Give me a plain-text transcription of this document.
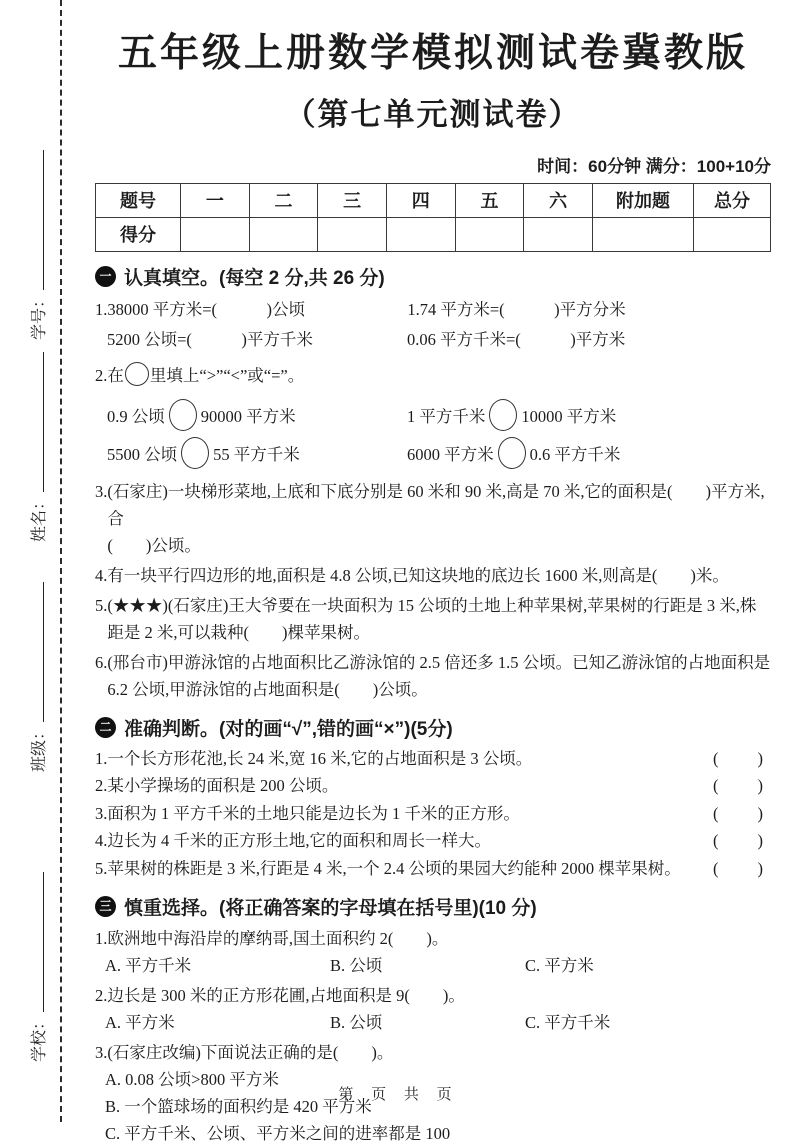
学号：
姓名：
班级：
学校：
五年级上册数学模拟测试卷冀教版
（第七单元测试卷）
时间：60分钟 满分：100+10分
题号	一	二	三	四	五	六	附加题	总分
得分								
一 认真填空。(每空 2 分,共 26 分)
1. 38000 平方米=(　　　)公顷	1.74 平方米=(　　　)平方分米
5200 公顷=(　　　)平方千米	0.06 平方千米=(　　　)平方米
2. 在 里填上“>”“<”或“=”。
0.9 公顷 90000 平方米	1 平方千米 10000 平方米
5500 公顷 55 平方千米	6000 平方米 0.6 平方千米
3. (石家庄)一块梯形菜地,上底和下底分别是 60 米和 90 米,高是 70 米,它的面积是(　　)平方米,合
(　　)公顷。
4. 有一块平行四边形的地,面积是 4.8 公顷,已知这块地的底边长 1600 米,则高是(　　)米。
5. (★★★)(石家庄)王大爷要在一块面积为 15 公顷的土地上种苹果树,苹果树的行距是 3 米,株
距是 2 米,可以栽种(　　)棵苹果树。
6. (邢台市)甲游泳馆的占地面积比乙游泳馆的 2.5 倍还多 1.5 公顷。已知乙游泳馆的占地面积是
6.2 公顷,甲游泳馆的占地面积是(　　)公顷。
二 准确判断。(对的画“√”,错的画“×”)(5分)
1. 一个长方形花池,长 24 米,宽 16 米,它的占地面积是 3 公顷。	(　　)
2. 某小学操场的面积是 200 公顷。	(　　)
3. 面积为 1 平方千米的土地只能是边长为 1 千米的正方形。	(　　)
4. 边长为 4 千米的正方形土地,它的面积和周长一样大。	(　　)
5. 苹果树的株距是 3 米,行距是 4 米,一个 2.4 公顷的果园大约能种 2000 棵苹果树。 (　　)
三 慎重选择。(将正确答案的字母填在括号里)(10 分)
1. 欧洲地中海沿岸的摩纳哥,国土面积约 2(　　)。
A. 平方千米	B. 公顷	C. 平方米
2. 边长是 300 米的正方形花圃,占地面积是 9(　　)。
A. 平方米	B. 公顷	C. 平方千米
3. (石家庄改编)下面说法正确的是(　　)。
A. 0.08 公顷>800 平方米
B. 一个篮球场的面积约是 420 平方米
C. 平方千米、公顷、平方米之间的进率都是 100
第 页 共 页
